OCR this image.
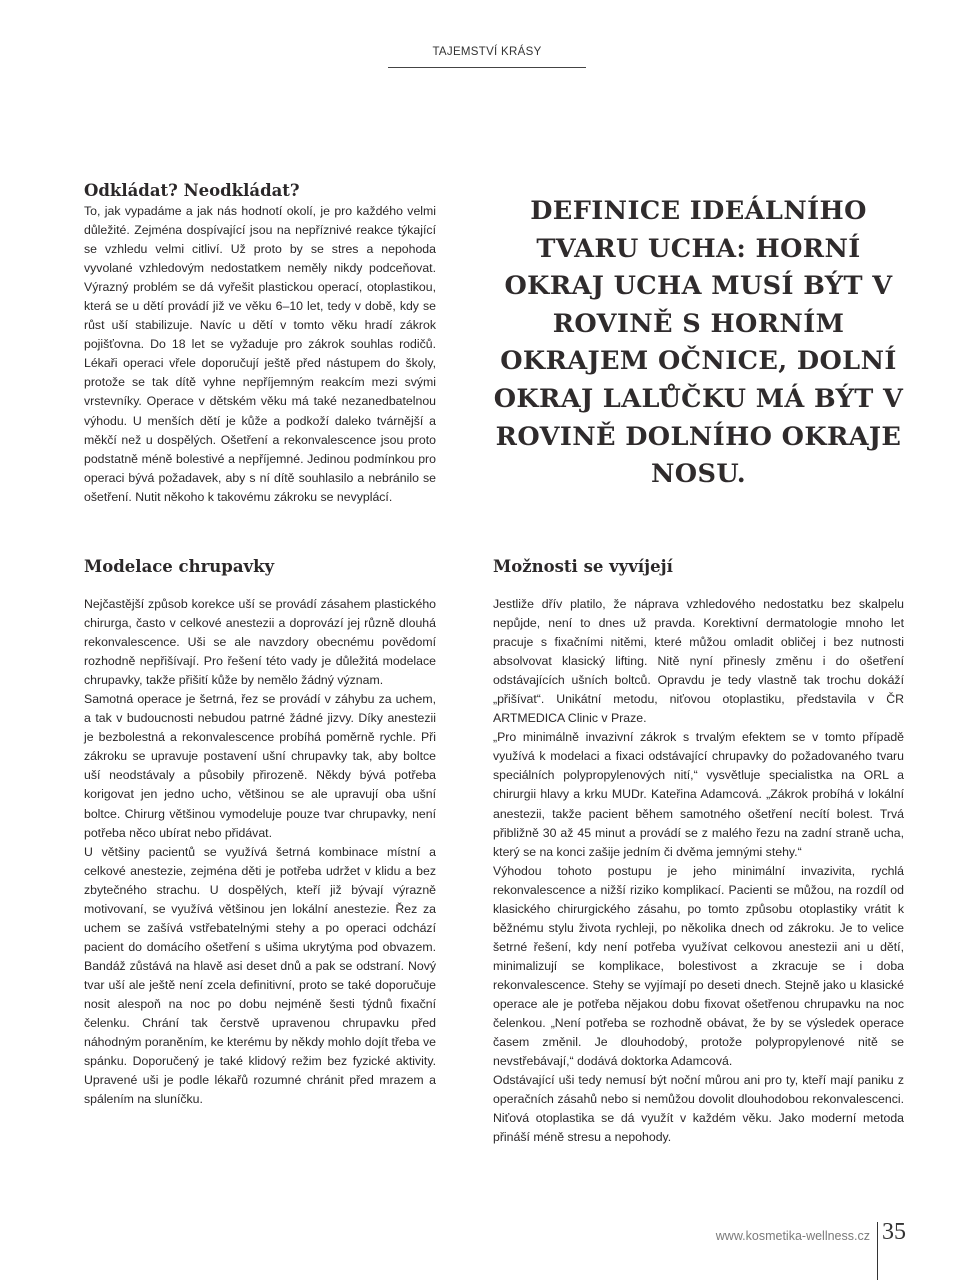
TAJEMSTVÍ KRÁSY
Odkládat? Neodkládat?

To, jak vypadáme a jak nás hodnotí okolí, je pro každého velmi důležité. Zejména dospívající jsou na nepříznivé reakce týkající se vzhledu velmi citliví. Už proto by se stres a nepohoda vyvolané vzhledovým nedostatkem neměly nikdy podceňovat. Výrazný problém se dá vyřešit plastickou operací, otoplastikou, která se u dětí provádí již ve věku 6–10 let, tedy v době, kdy se růst uší stabilizuje. Navíc u dětí v tomto věku hradí zákrok pojišťovna. Do 18 let se vyžaduje pro zákrok souhlas rodičů. Lékaři operaci vřele doporučují ještě před nástupem do školy, protože se tak dítě vyhne nepříjemným reakcím mezi svými vrstevníky. Operace v dětském věku má také nezanedbatelnou výhodu. U menších dětí je kůže a podkoží daleko tvárnější a měkčí než u dospělých. Ošetření a rekonvalescence jsou proto podstatně méně bolestivé a nepříjemné. Jedinou podmínkou pro operaci bývá požadavek, aby s ní dítě souhlasilo a nebránilo se ošetření. Nutit někoho k takovému zákroku se nevyplácí.

DEFINICE IDEÁLNÍHO TVARU UCHA: HORNÍ OKRAJ UCHA MUSÍ BÝT V ROVINĚ S HORNÍM OKRAJEM OČNICE, DOLNÍ OKRAJ LALŮČKU MÁ BÝT V ROVINĚ DOLNÍHO OKRAJE NOSU.
Modelace chrupavky

Nejčastější způsob korekce uší se provádí zásahem plastického chirurga, často v celkové anestezii a doprovází jej různě dlouhá rekonvalescence. Uši se ale navzdory obecnému povědomí rozhodně nepřišívají. Pro řešení této vady je důležitá modelace chrupavky, takže přišití kůže by nemělo žádný význam.

Samotná operace je šetrná, řez se provádí v záhybu za uchem, a tak v budoucnosti nebudou patrné žádné jizvy. Díky anestezii je bezbolestná a rekonvalescence probíhá poměrně rychle. Při zákroku se upravuje postavení ušní chrupavky tak, aby boltce uší neodstávaly a působily přirozeně. Někdy bývá potřeba korigovat jen jedno ucho, většinou se ale upravují oba ušní boltce. Chirurg většinou vymodeluje pouze tvar chrupavky, není potřeba něco ubírat nebo přidávat.

U většiny pacientů se využívá šetrná kombinace místní a celkové anestezie, zejména děti je potřeba udržet v klidu a bez zbytečného strachu. U dospělých, kteří již bývají výrazně motivovaní, se využívá většinou jen lokální anestezie. Řez za uchem se zašívá vstřebatelnými stehy a po operaci odchází pacient do domácího ošetření s ušima ukrytýma pod obvazem. Bandáž zůstává na hlavě asi deset dnů a pak se odstraní. Nový tvar uší ale ještě není zcela definitivní, proto se také doporučuje nosit alespoň na noc po dobu nejméně šesti týdnů fixační čelenku. Chrání tak čerstvě upravenou chrupavku před náhodným poraněním, ke kterému by někdy mohlo dojít třeba ve spánku. Doporučený je také klidový režim bez fyzické aktivity. Upravené uši je podle lékařů rozumné chránit před mrazem a spálením na sluníčku.

Možnosti se vyvíjejí

Jestliže dřív platilo, že náprava vzhledového nedostatku bez skalpelu nepůjde, není to dnes už pravda. Korektivní dermatologie mnoho let pracuje s fixačními nitěmi, které můžou omladit obličej i bez nutnosti absolvovat klasický lifting. Nitě nyní přinesly změnu i do ošetření odstávajících ušních boltců. Opravdu je tedy vlastně tak trochu dokáží „přišívat“. Unikátní metodu, niťovou otoplastiku, představila v ČR ARTMEDICA Clinic v Praze.

„Pro minimálně invazivní zákrok s trvalým efektem se v tomto případě využívá k modelaci a fixaci odstávající chrupavky do požadovaného tvaru speciálních polypropylenových nití,“ vysvětluje specialistka na ORL a chirurgii hlavy a krku MUDr. Kateřina Adamcová. „Zákrok probíhá v lokální anestezii, takže pacient během samotného ošetření necítí bolest. Trvá přibližně 30 až 45 minut a provádí se z malého řezu na zadní straně ucha, který se na konci zašije jedním či dvěma jemnými stehy.“

Výhodou tohoto postupu je jeho minimální invazivita, rychlá rekonvalescence a nižší riziko komplikací. Pacienti se můžou, na rozdíl od klasického chirurgického zásahu, po tomto způsobu otoplastiky vrátit k běžnému stylu života rychleji, po několika dnech od zákroku. Je to velice šetrné řešení, kdy není potřeba využívat celkovou anestezii ani u dětí, minimalizují se komplikace, bolestivost a zkracuje se i doba rekonvalescence. Stehy se vyjímají po deseti dnech. Stejně jako u klasické operace ale je potřeba nějakou dobu fixovat ošetřenou chrupavku na noc čelenkou. „Není potřeba se rozhodně obávat, že by se výsledek operace časem změnil. Je dlouhodobý, protože polypropylenové nitě se nevstřebávají,“ dodává doktorka Adamcová.

Odstávající uši tedy nemusí být noční můrou ani pro ty, kteří mají paniku z operačních zásahů nebo si nemůžou dovolit dlouhodobou rekonvalescenci. Niťová otoplastika se dá využít v každém věku. Jako moderní metoda přináší méně stresu a nepohody.

www.kosmetika-wellness.cz 35
